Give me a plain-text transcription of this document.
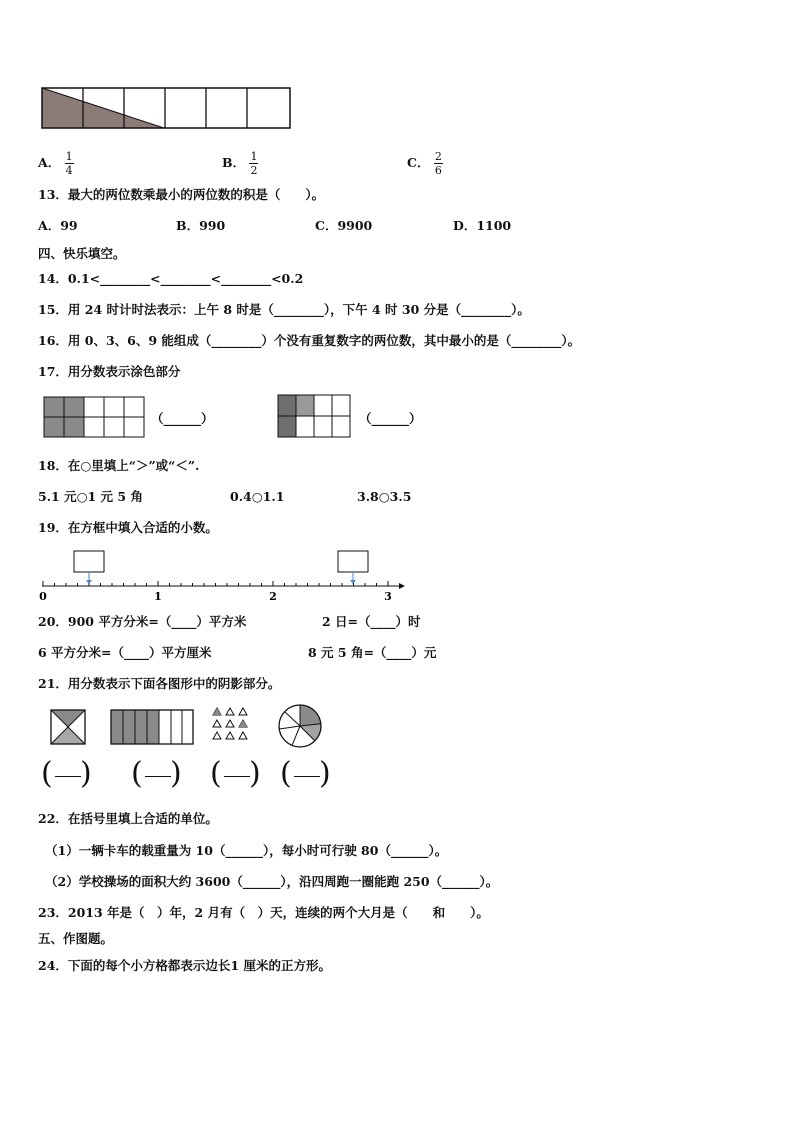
A． $\frac{1}{4}$	B． $\frac{1}{2}$	C． $\frac{2}{6}$
13．最大的两位数乘最小的两位数的积是（　　）。
A．99	B．990	C．9900	D．1100
四、快乐填空。
14．0.1<________<________<________<0.2
15．用 24 时计时法表示：上午 8 时是（________），下午 4 时 30 分是（________）。
16．用 0、3、6、9 能组成（________）个没有重复数字的两位数，其中最小的是（________）。
17．用分数表示涂色部分
（______）	（______）
18．在○里填上“＞”或“＜”.
5.1 元○1 元 5 角	0.4○1.1	3.8○3.5
19．在方框中填入合适的小数。
0	1	2	3
20．900 平方分米=（____）平方米	2 日=（____）时
6 平方分米=（____）平方厘米	8 元 5 角=（____）元
21．用分数表示下面各图形中的阴影部分。
( ) ( ) ( ) ( )
22．在括号里填上合适的单位。
（1）一辆卡车的载重量为 10（______），每小时可行驶 80（______）。
（2）学校操场的面积大约 3600（______），沿四周跑一圈能跑 250（______）。
23．2013 年是（　）年，2 月有（　）天，连续的两个大月是（　　和　　）。
五、作图题。
24．下面的每个小方格都表示边长1 厘米的正方形。
